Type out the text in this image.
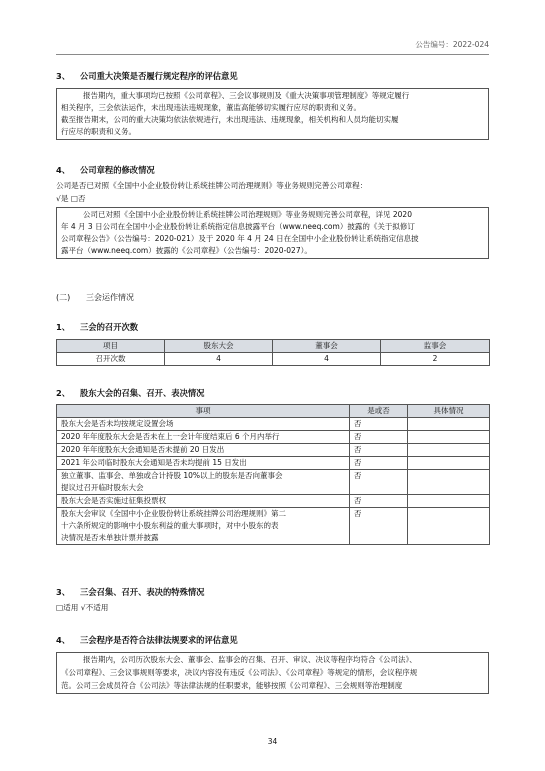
公告编号：2022-024
3、 公司重大决策是否履行规定程序的评估意见
报告期内，重大事项均已按照《公司章程》、三会议事规则及《重大决策事项管理制度》等规定履行
相关程序，三会依法运作，未出现违法违规现象，董监高能够切实履行应尽的职责和义务。
截至报告期末，公司的重大决策均依法依规进行，未出现违法、违规现象，相关机构和人员均能切实履
行应尽的职责和义务。
4、 公司章程的修改情况
公司是否已对照《全国中小企业股份转让系统挂牌公司治理规则》等业务规则完善公司章程：
√是 □否
公司已对照《全国中小企业股份转让系统挂牌公司治理规则》等业务规则完善公司章程，详见 2020
年 4 月 3 日公司在全国中小企业股份转让系统指定信息披露平台（www.neeq.com）披露的《关于拟修订
公司章程公告》（公告编号：2020-021）及于 2020 年 4 月 24 日在全国中小企业股份转让系统指定信息披
露平台（www.neeq.com）披露的《公司章程》（公告编号：2020-027）。
(二) 三会运作情况
1、 三会的召开次数
项目	股东大会	董事会	监事会
召开次数	4	4	2
2、 股东大会的召集、召开、表决情况
事项	是或否	具体情况
股东大会是否未均按规定设置会场	否	
2020 年年度股东大会是否未在上一会计年度结束后 6 个月内举行	否	
2020 年年度股东大会通知是否未提前 20 日发出	否	
2021 年公司临时股东大会通知是否未均提前 15 日发出	否	
独立董事、监事会、单独或合计持股 10%以上的股东是否向董事会
提议过召开临时股东大会	否	
股东大会是否实施过征集投票权	否	
股东大会审议《全国中小企业股份转让系统挂牌公司治理规则》第二
十六条所规定的影响中小股东利益的重大事项时，对中小股东的表
决情况是否未单独计票并披露	否	
3、 三会召集、召开、表决的特殊情况
□适用 √不适用
4、 三会程序是否符合法律法规要求的评估意见
报告期内，公司历次股东大会、董事会、监事会的召集、召开、审议、决议等程序均符合《公司法》、
《公司章程》、三会议事规则等要求，决议内容没有违反《公司法》、《公司章程》等规定的情形，会议程序规
范。公司三会成员符合《公司法》等法律法规的任职要求，能够按照《公司章程》、三会规则等治理制度
34
